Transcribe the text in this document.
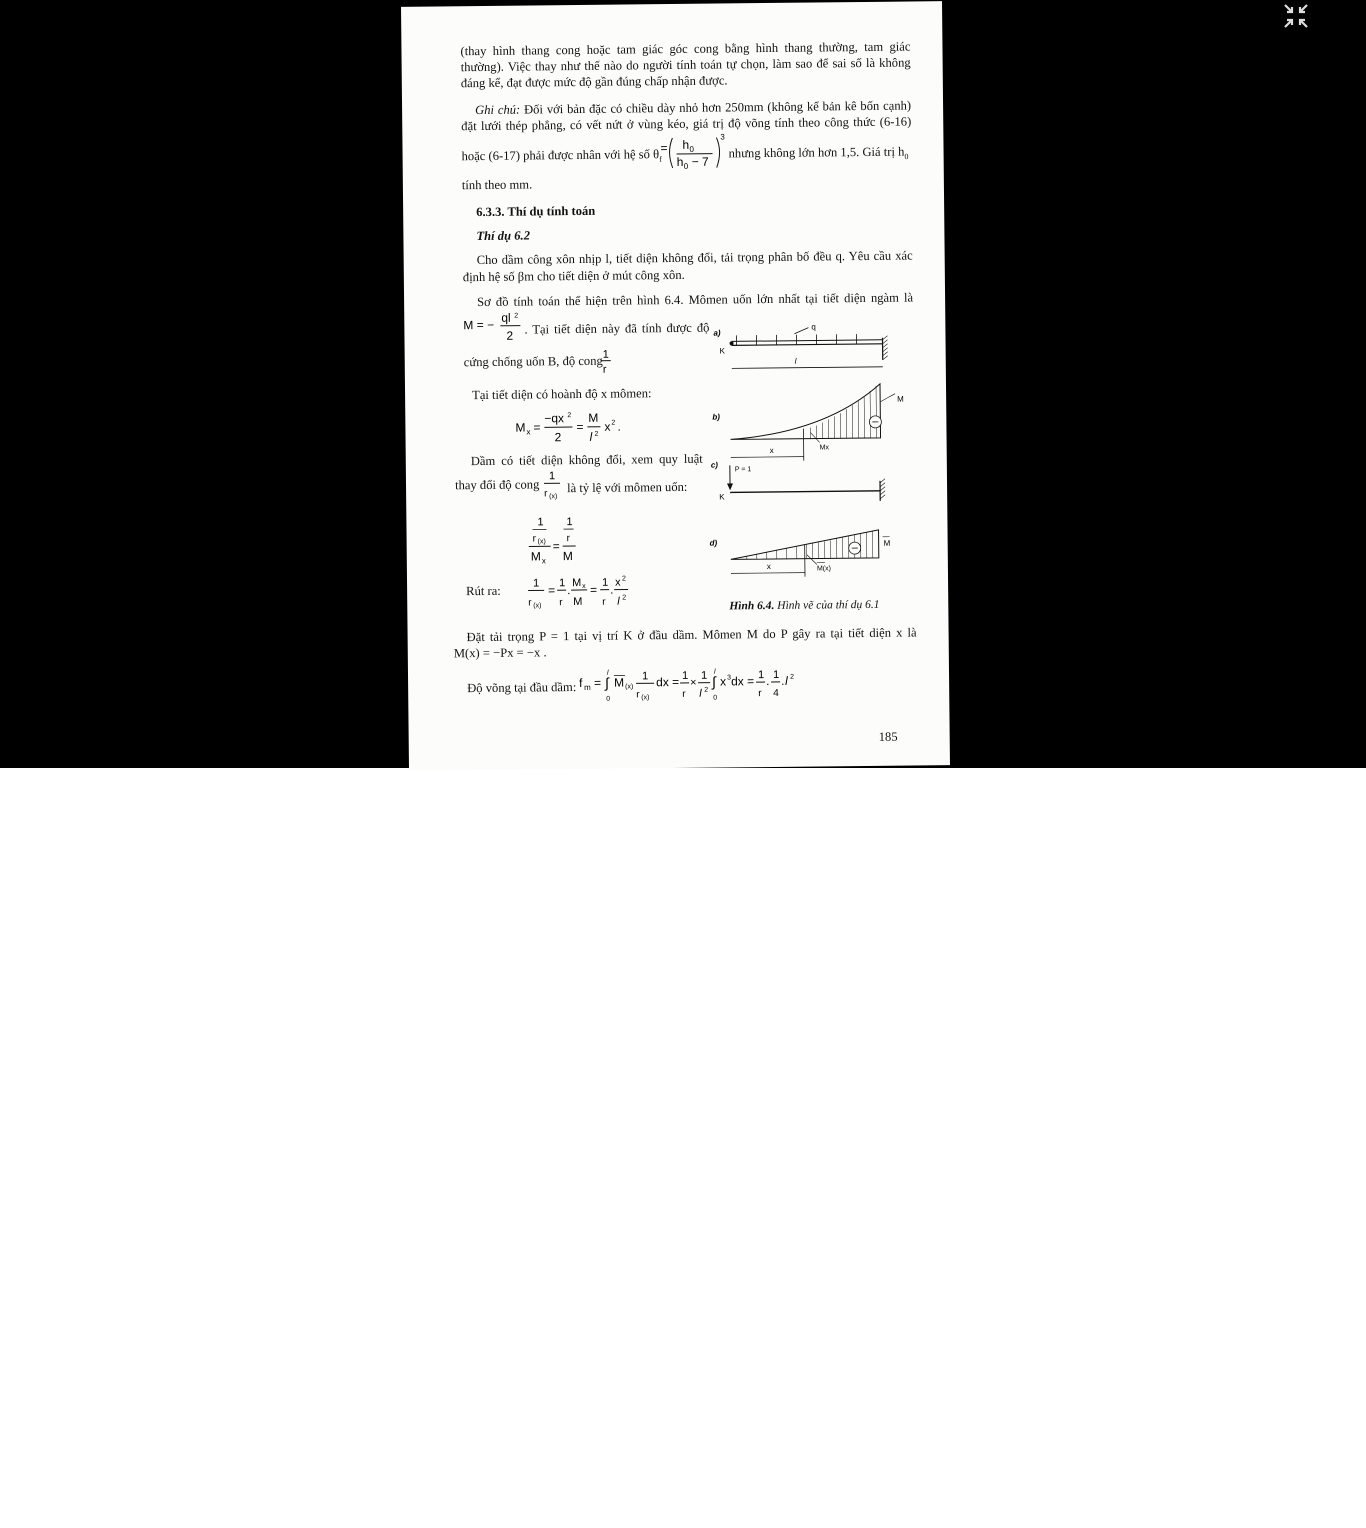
(thay hình thang cong hoặc tam giác góc cong bằng hình thang thường, tam giác

thường). Việc thay như thế nào do người tính toán tự chọn, làm sao để sai số là không

đáng kể, đạt được mức độ gần đúng chấp nhận được.

Ghi chú: Đối với bản đặc có chiều dày nhỏ hơn 250mm (không kể bản kê bốn cạnh)

đặt lưới thép phẳng, có vết nứt ở vùng kéo, giá trị độ võng tính theo công thức (6-16)

hoặc (6-17) phải được nhân với hệ số $\theta_f$

= h 0
h 0 − 7
3

nhưng không lớn hơn 1,5. Giá trị $h_0$

tính theo mm.

6.3.3. Thí dụ tính toán

Thí dụ 6.2

Cho dầm công xôn nhịp l, tiết diện không đổi, tải trọng phân bố đều q. Yêu cầu xác

định hệ số βm cho tiết diện ở mút công xôn.

Sơ đồ tính toán thể hiện trên hình 6.4. Mômen uốn lớn nhất tại tiết diện ngàm là

M = −
ql 2
2 . Tại tiết diện này đã tính được độ

cứng chống uốn B, độ cong 1
r

Tại tiết diện có hoành độ x mômen:

M x =
−qx 2
2
=
M
l 2
x 2 .

Dầm có tiết diện không đổi, xem quy luật

thay đổi độ cong

1
r (x)

là tỷ lệ với mômen uốn:

1
r (x)
M x
=
1
r
M

Rút ra:

1
r (x)
=
1
r
.
M x
M
=
1
r
.
x 2
l 2
a)
q
K
l
b)
M
x	Mx
c)
P = 1
K
d)	M
x	M(x)

Hình 6.4. Hình vẽ của thí dụ 6.1

Đặt tải trọng P = 1 tại vị trí K ở đầu dầm. Mômen M do P gây ra tại tiết diện x là

M(x) = −Px = −x .

Độ võng tại đầu dầm: f m =
l
∫
0
M (x)
1
r (x)
dx = 1
r
×
1
l 2
l
∫
0
x 3 dx = 1
r
. 1
4
. l 2

185
